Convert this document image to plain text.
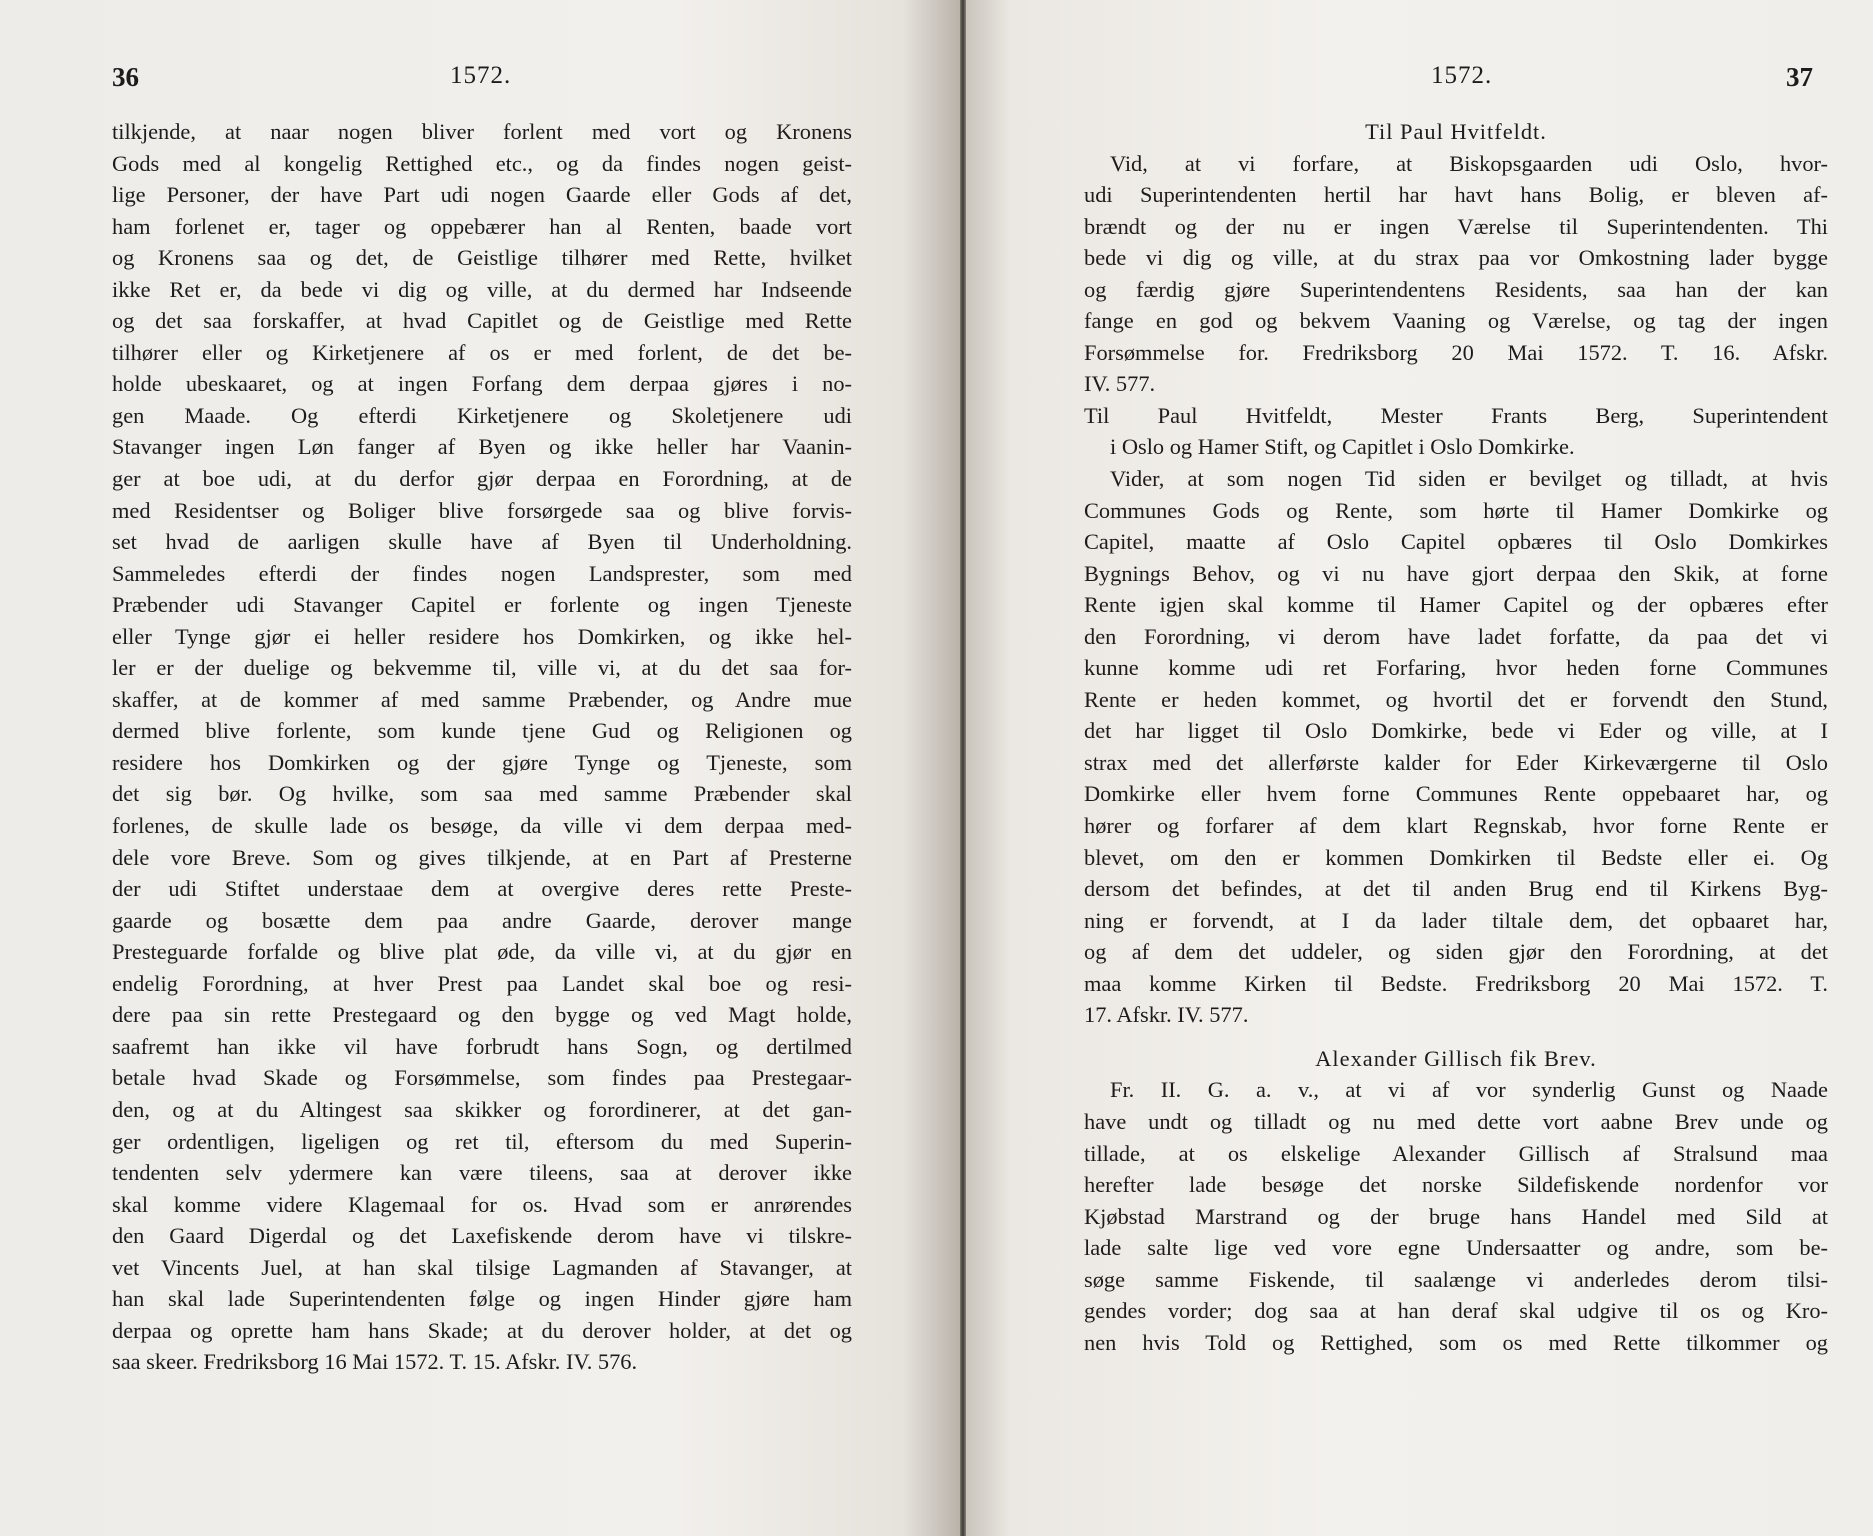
36	1572.
tilkjende, at naar nogen bliver forlent med vort og Kronens
Gods med al kongelig Rettighed etc., og da findes nogen geist-
lige Personer, der have Part udi nogen Gaarde eller Gods af det,
ham forlenet er, tager og oppebærer han al Renten, baade vort
og Kronens saa og det, de Geistlige tilhører med Rette, hvilket
ikke Ret er, da bede vi dig og ville, at du dermed har Indseende
og det saa forskaffer, at hvad Capitlet og de Geistlige med Rette
tilhører eller og Kirketjenere af os er med forlent, de det be-
holde ubeskaaret, og at ingen Forfang dem derpaa gjøres i no-
gen Maade. Og efterdi Kirketjenere og Skoletjenere udi
Stavanger ingen Løn fanger af Byen og ikke heller har Vaanin-
ger at boe udi, at du derfor gjør derpaa en Forordning, at de
med Residentser og Boliger blive forsørgede saa og blive forvis-
set hvad de aarligen skulle have af Byen til Underholdning.
Sammeledes efterdi der findes nogen Landsprester, som med
Præbender udi Stavanger Capitel er forlente og ingen Tjeneste
eller Tynge gjør ei heller residere hos Domkirken, og ikke hel-
ler er der duelige og bekvemme til, ville vi, at du det saa for-
skaffer, at de kommer af med samme Præbender, og Andre mue
dermed blive forlente, som kunde tjene Gud og Religionen og
residere hos Domkirken og der gjøre Tynge og Tjeneste, som
det sig bør. Og hvilke, som saa med samme Præbender skal
forlenes, de skulle lade os besøge, da ville vi dem derpaa med-
dele vore Breve. Som og gives tilkjende, at en Part af Presterne
der udi Stiftet understaae dem at overgive deres rette Preste-
gaarde og bosætte dem paa andre Gaarde, derover mange
Presteguarde forfalde og blive plat øde, da ville vi, at du gjør en
endelig Forordning, at hver Prest paa Landet skal boe og resi-
dere paa sin rette Prestegaard og den bygge og ved Magt holde,
saafremt han ikke vil have forbrudt hans Sogn, og dertilmed
betale hvad Skade og Forsømmelse, som findes paa Prestegaar-
den, og at du Altingest saa skikker og forordinerer, at det gan-
ger ordentligen, ligeligen og ret til, eftersom du med Superin-
tendenten selv ydermere kan være tileens, saa at derover ikke
skal komme videre Klagemaal for os. Hvad som er anrørendes
den Gaard Digerdal og det Laxefiskende derom have vi tilskre-
vet Vincents Juel, at han skal tilsige Lagmanden af Stavanger, at
han skal lade Superintendenten følge og ingen Hinder gjøre ham
derpaa og oprette ham hans Skade; at du derover holder, at det og
saa skeer. Fredriksborg 16 Mai 1572. T. 15. Afskr. IV. 576.
1572.	37
Til Paul Hvitfeldt.
Vid, at vi forfare, at Biskopsgaarden udi Oslo, hvor-
udi Superintendenten hertil har havt hans Bolig, er bleven af-
brændt og der nu er ingen Værelse til Superintendenten. Thi
bede vi dig og ville, at du strax paa vor Omkostning lader bygge
og færdig gjøre Superintendentens Residents, saa han der kan
fange en god og bekvem Vaaning og Værelse, og tag der ingen
Forsømmelse for. Fredriksborg 20 Mai 1572. T. 16. Afskr.
IV. 577.
Til Paul Hvitfeldt, Mester Frants Berg, Superintendent
i Oslo og Hamer Stift, og Capitlet i Oslo Domkirke.
Vider, at som nogen Tid siden er bevilget og tilladt, at hvis
Communes Gods og Rente, som hørte til Hamer Domkirke og
Capitel, maatte af Oslo Capitel opbæres til Oslo Domkirkes
Bygnings Behov, og vi nu have gjort derpaa den Skik, at forne
Rente igjen skal komme til Hamer Capitel og der opbæres efter
den Forordning, vi derom have ladet forfatte, da paa det vi
kunne komme udi ret Forfaring, hvor heden forne Communes
Rente er heden kommet, og hvortil det er forvendt den Stund,
det har ligget til Oslo Domkirke, bede vi Eder og ville, at I
strax med det allerførste kalder for Eder Kirkeværgerne til Oslo
Domkirke eller hvem forne Communes Rente oppebaaret har, og
hører og forfarer af dem klart Regnskab, hvor forne Rente er
blevet, om den er kommen Domkirken til Bedste eller ei. Og
dersom det befindes, at det til anden Brug end til Kirkens Byg-
ning er forvendt, at I da lader tiltale dem, det opbaaret har,
og af dem det uddeler, og siden gjør den Forordning, at det
maa komme Kirken til Bedste. Fredriksborg 20 Mai 1572. T.
17. Afskr. IV. 577.
Alexander Gillisch fik Brev.
Fr. II. G. a. v., at vi af vor synderlig Gunst og Naade
have undt og tilladt og nu med dette vort aabne Brev unde og
tillade, at os elskelige Alexander Gillisch af Stralsund maa
herefter lade besøge det norske Sildefiskende nordenfor vor
Kjøbstad Marstrand og der bruge hans Handel med Sild at
lade salte lige ved vore egne Undersaatter og andre, som be-
søge samme Fiskende, til saalænge vi anderledes derom tilsi-
gendes vorder; dog saa at han deraf skal udgive til os og Kro-
nen hvis Told og Rettighed, som os med Rette tilkommer og
